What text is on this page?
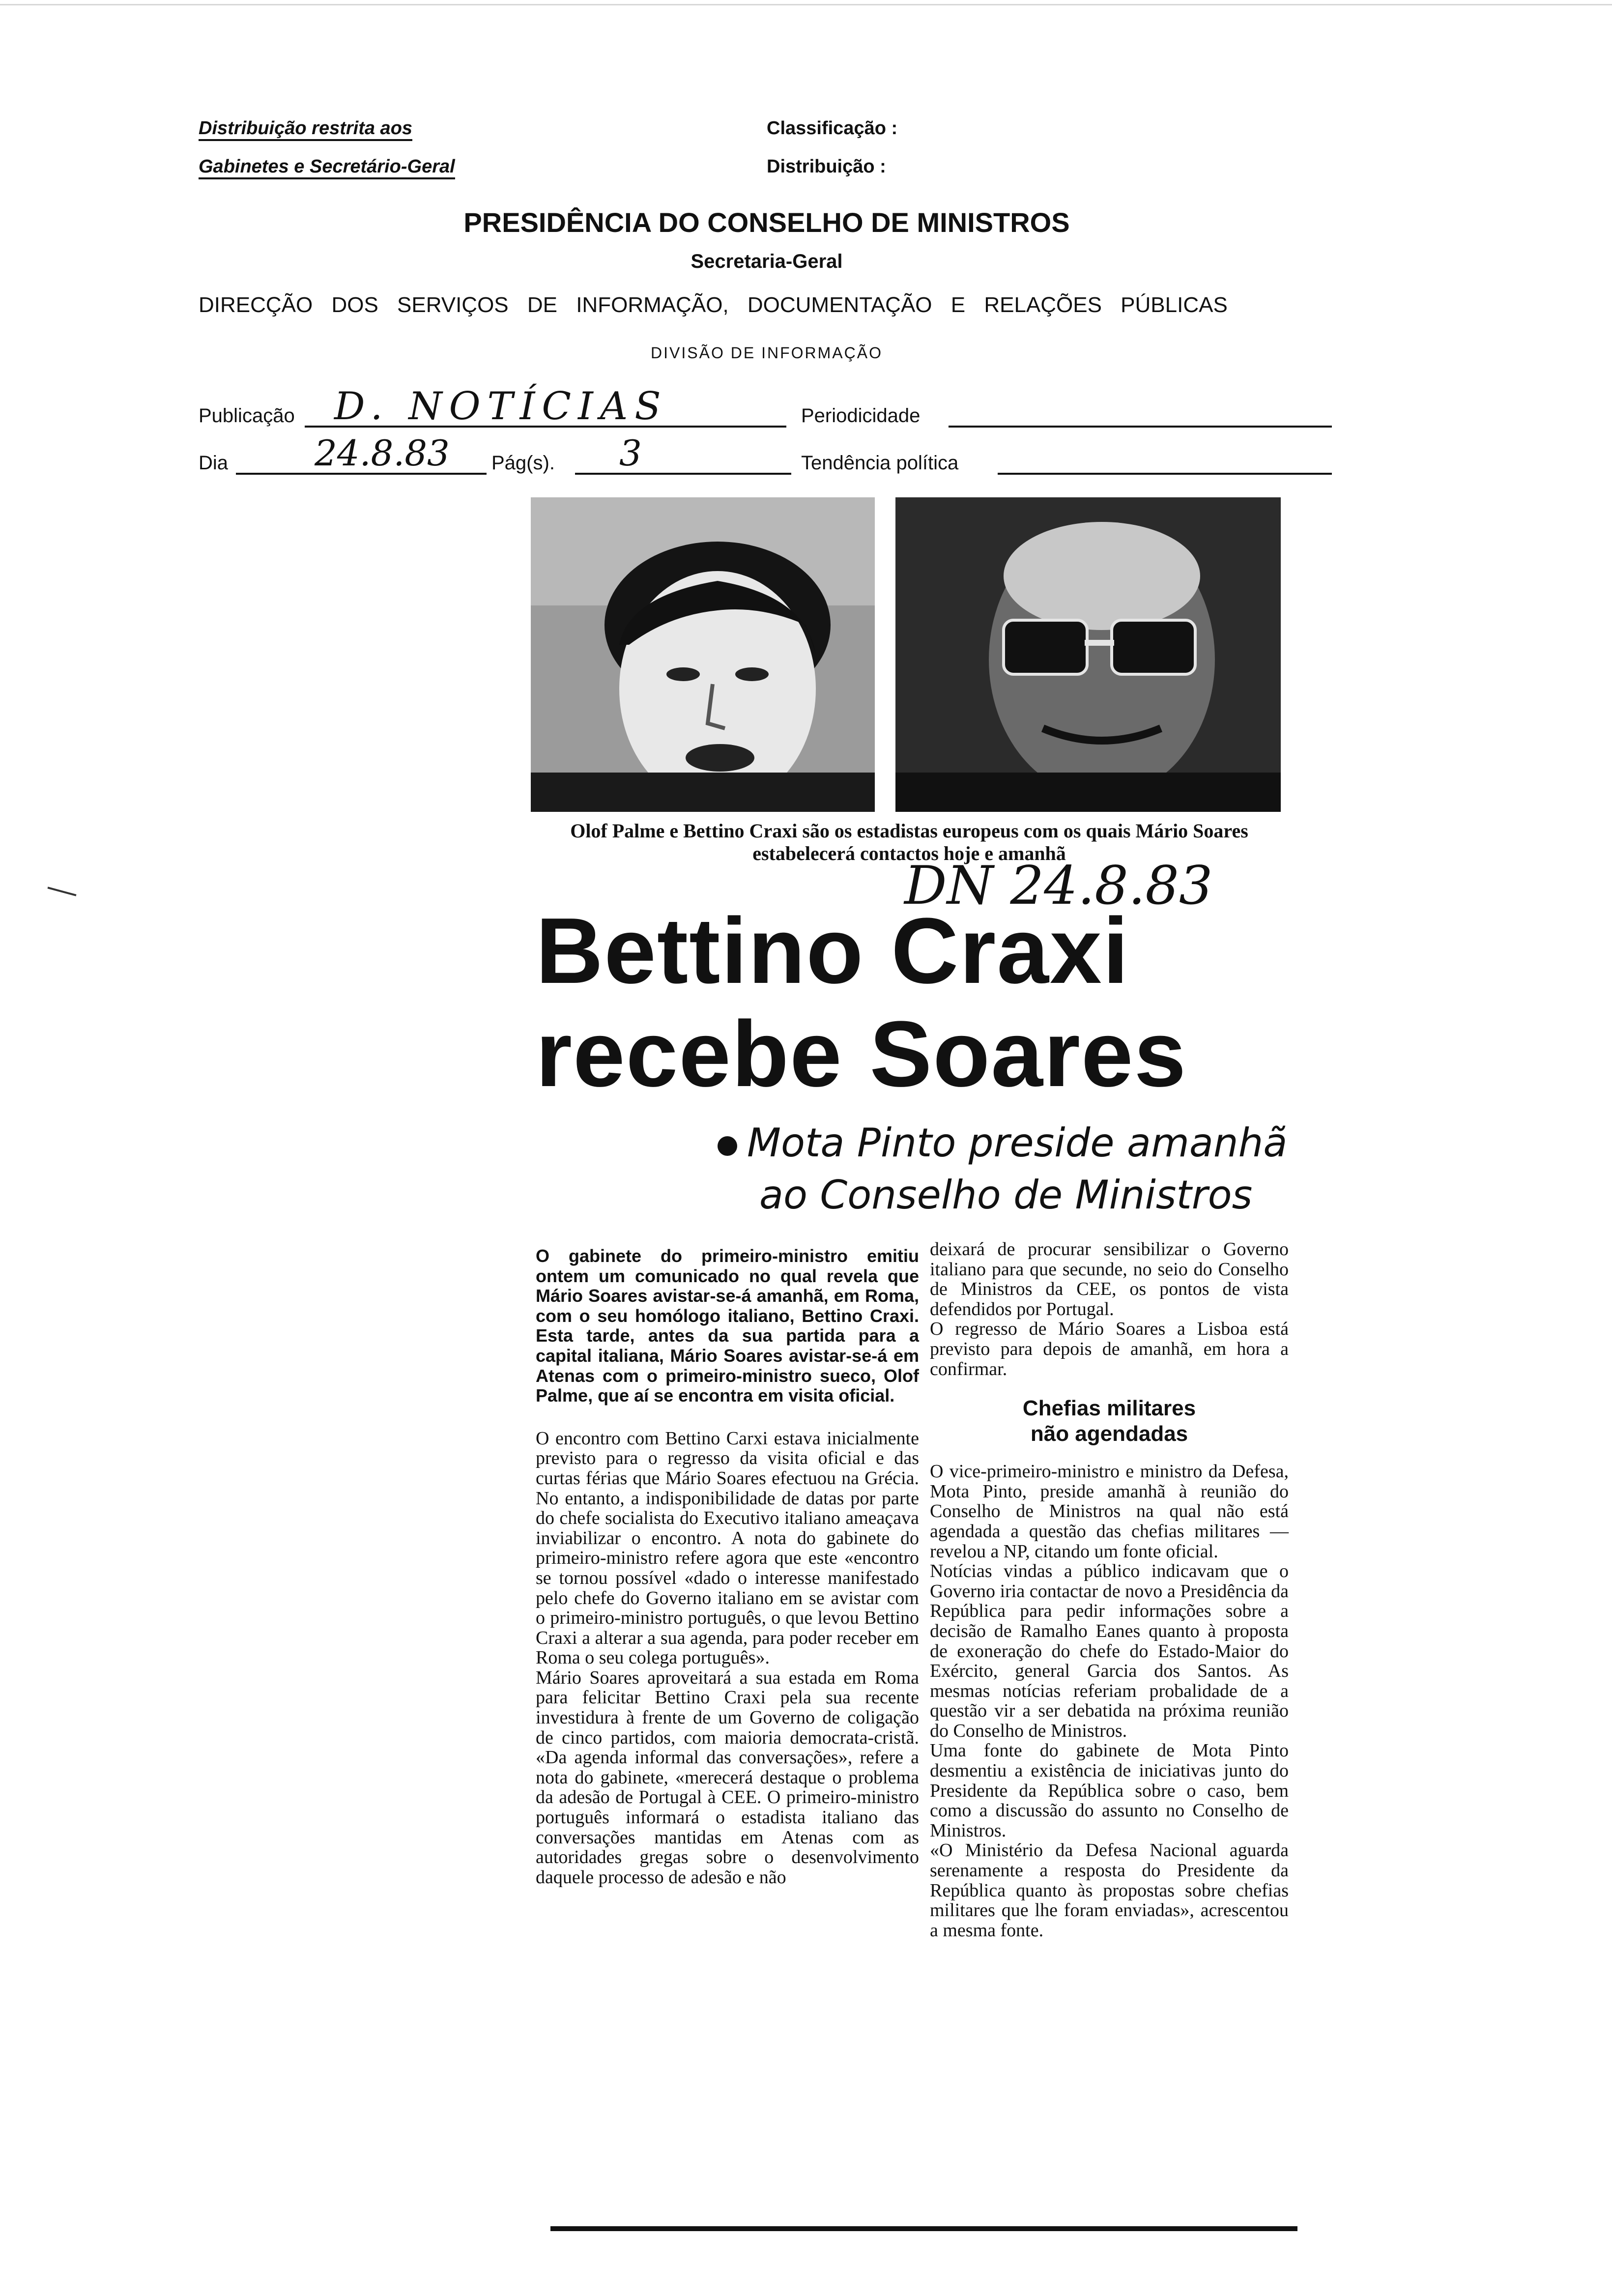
Distribuição restrita aos
Gabinetes e Secretário-Geral
Classificação :
Distribuição :
PRESIDÊNCIA DO CONSELHO DE MINISTROS
Secretaria-Geral
DIRECÇÃO DOS SERVIÇOS DE INFORMAÇÃO, DOCUMENTAÇÃO E RELAÇÕES PÚBLICAS
DIVISÃO DE INFORMAÇÃO
Publicação D. NOTÍCIAS	Periodicidade
Dia 24.8.83 Pág(s). 3	Tendência política
Olof Palme e Bettino Craxi são os estadistas europeus com os quais Mário Soares estabelecerá contactos hoje e amanhã
DN 24.8.83
Bettino Craxi
recebe Soares
Mota Pinto preside amanhã
ao Conselho de Ministros

O gabinete do primeiro-ministro emitiu ontem um comunicado no qual revela que Mário Soares avistar-se-á amanhã, em Roma, com o seu homólogo italiano, Bettino Craxi. Esta tarde, antes da sua partida para a capital italiana, Mário Soares avistar-se-á em Atenas com o primeiro-ministro sueco, Olof Palme, que aí se encontra em visita oficial.

O encontro com Bettino Carxi estava inicialmente previsto para o regresso da visita oficial e das curtas férias que Mário Soares efectuou na Grécia. No entanto, a indisponibilidade de datas por parte do chefe socialista do Executivo italiano ameaçava inviabilizar o encontro. A nota do gabinete do primeiro-ministro refere agora que este «encontro se tornou possível «dado o interesse manifestado pelo chefe do Governo italiano em se avistar com o primeiro-ministro português, o que levou Bettino Craxi a alterar a sua agenda, para poder receber em Roma o seu colega português».

Mário Soares aproveitará a sua estada em Roma para felicitar Bettino Craxi pela sua recente investidura à frente de um Governo de coligação de cinco partidos, com maioria democrata-cristã. «Da agenda informal das conversações», refere a nota do gabinete, «merecerá destaque o problema da adesão de Portugal à CEE. O primeiro-ministro português informará o estadista italiano das conversações mantidas em Atenas com as autoridades gregas sobre o desenvolvimento daquele processo de adesão e não

deixará de procurar sensibilizar o Governo italiano para que secunde, no seio do Conselho de Ministros da CEE, os pontos de vista defendidos por Portugal.

O regresso de Mário Soares a Lisboa está previsto para depois de amanhã, em hora a confirmar.

Chefias militares
não agendadas

O vice-primeiro-ministro e ministro da Defesa, Mota Pinto, preside amanhã à reunião do Conselho de Ministros na qual não está agendada a questão das chefias militares — revelou a NP, citando um fonte oficial.

Notícias vindas a público indicavam que o Governo iria contactar de novo a Presidência da República para pedir informações sobre a decisão de Ramalho Eanes quanto à proposta de exoneração do chefe do Estado-Maior do Exército, general Garcia dos Santos. As mesmas notícias referiam probalidade de a questão vir a ser debatida na próxima reunião do Conselho de Ministros.

Uma fonte do gabinete de Mota Pinto desmentiu a existência de iniciativas junto do Presidente da República sobre o caso, bem como a discussão do assunto no Conselho de Ministros.

«O Ministério da Defesa Nacional aguarda serenamente a resposta do Presidente da República quanto às propostas sobre chefias militares que lhe foram enviadas», acrescentou a mesma fonte.
